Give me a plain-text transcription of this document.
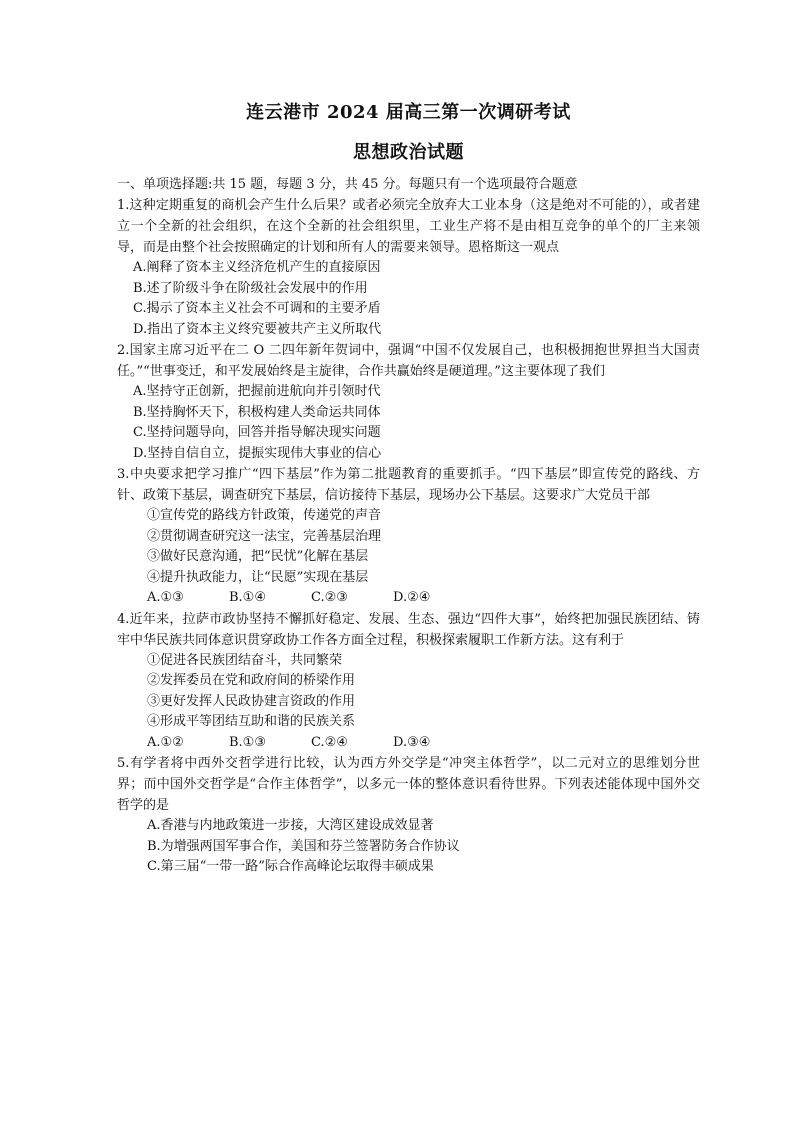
连云港市 2024 届高三第一次调研考试
思想政治试题
一、单项选择题:共 15 题，每题 3 分，共 45 分。每题只有一个选项最符合题意
1.这种定期重复的商机会产生什么后果？或者必须完全放弃大工业本身（这是绝对不可能的），或者建立一个全新的社会组织，在这个全新的社会组织里，工业生产将不是由相互竞争的单个的厂主来领导，而是由整个社会按照确定的计划和所有人的需要来领导。恩格斯这一观点
A.阐释了资本主义经济危机产生的直接原因
B.述了阶级斗争在阶级社会发展中的作用
C.揭示了资本主义社会不可调和的主要矛盾
D.指出了资本主义终究要被共产主义所取代
2.国家主席习近平在二 O 二四年新年贺词中，强调“中国不仅发展自己，也积极拥抱世界担当大国责任。”“世事变迁，和平发展始终是主旋律，合作共赢始终是硬道理。”这主要体现了我们
A.坚持守正创新，把握前进航向并引领时代
B.坚持胸怀天下，积极构建人类命运共同体
C.坚持问题导向，回答并指导解决现实问题
D.坚持自信自立，提振实现伟大事业的信心
3.中央要求把学习推广“四下基层”作为第二批题教育的重要抓手。“四下基层”即宣传党的路线、方针、政策下基层，调查研究下基层，信访接待下基层，现场办公下基层。这要求广大党员干部
①宣传党的路线方针政策，传递党的声音
②贯彻调查研究这一法宝，完善基层治理
③做好民意沟通，把“民忧”化解在基层
④提升执政能力，让“民愿”实现在基层
A.①③	B.①④	C.②③	D.②④
4.近年来，拉萨市政协坚持不懈抓好稳定、发展、生态、强边“四件大事”，始终把加强民族团结、铸牢中华民族共同体意识贯穿政协工作各方面全过程，积极探索履职工作新方法。这有利于
①促进各民族团结奋斗，共同繁荣
②发挥委员在党和政府间的桥梁作用
③更好发挥人民政协建言资政的作用
④形成平等团结互助和谐的民族关系
A.①②	B.①③	C.②④	D.③④
5.有学者将中西外交哲学进行比较，认为西方外交学是“冲突主体哲学”，以二元对立的思维划分世界；而中国外交哲学是“合作主体哲学”，以多元一体的整体意识看待世界。下列表述能体现中国外交哲学的是
A.香港与内地政策进一步接，大湾区建设成效显著
B.为增强两国军事合作，美国和芬兰签署防务合作协议
C.第三届“一带一路”际合作高峰论坛取得丰硕成果
